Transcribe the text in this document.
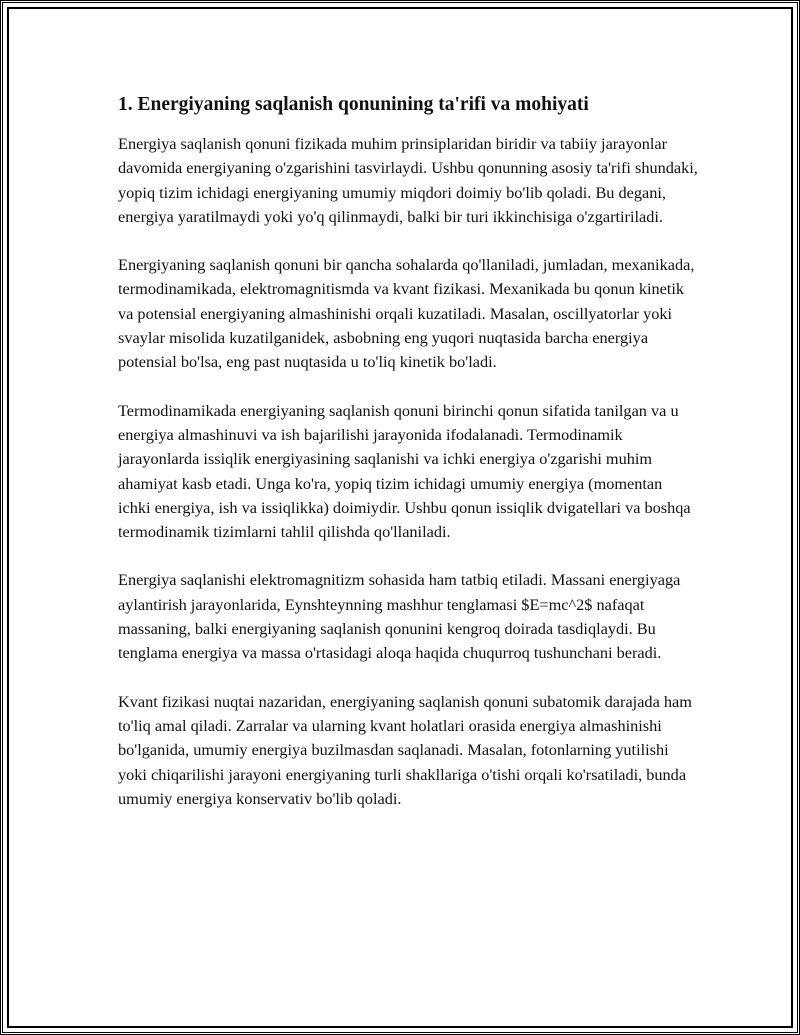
1. Energiyaning saqlanish qonunining ta'rifi va mohiyati

Energiya saqlanish qonuni fizikada muhim prinsiplaridan biridir va tabiiy jarayonlar davomida energiyaning o'zgarishini tasvirlaydi. Ushbu qonunning asosiy ta'rifi shundaki, yopiq tizim ichidagi energiyaning umumiy miqdori doimiy bo'lib qoladi. Bu degani, energiya yaratilmaydi yoki yo'q qilinmaydi, balki bir turi ikkinchisiga o'zgartiriladi.

Energiyaning saqlanish qonuni bir qancha sohalarda qo'llaniladi, jumladan, mexanikada, termodinamikada, elektromagnitismda va kvant fizikasi. Mexanikada bu qonun kinetik va potensial energiyaning almashinishi orqali kuzatiladi. Masalan, oscillyatorlar yoki svaylar misolida kuzatilganidek, asbobning eng yuqori nuqtasida barcha energiya potensial bo'lsa, eng past nuqtasida u to'liq kinetik bo'ladi.

Termodinamikada energiyaning saqlanish qonuni birinchi qonun sifatida tanilgan va u energiya almashinuvi va ish bajarilishi jarayonida ifodalanadi. Termodinamik jarayonlarda issiqlik energiyasining saqlanishi va ichki energiya o'zgarishi muhim ahamiyat kasb etadi. Unga ko'ra, yopiq tizim ichidagi umumiy energiya (momentan ichki energiya, ish va issiqlikka) doimiydir. Ushbu qonun issiqlik dvigatellari va boshqa termodinamik tizimlarni tahlil qilishda qo'llaniladi.

Energiya saqlanishi elektromagnitizm sohasida ham tatbiq etiladi. Massani energiyaga aylantirish jarayonlarida, Eynshteynning mashhur tenglamasi $E=mc^2$ nafaqat massaning, balki energiyaning saqlanish qonunini kengroq doirada tasdiqlaydi. Bu tenglama energiya va massa o'rtasidagi aloqa haqida chuqurroq tushunchani beradi.

Kvant fizikasi nuqtai nazaridan, energiyaning saqlanish qonuni subatomik darajada ham to'liq amal qiladi. Zarralar va ularning kvant holatlari orasida energiya almashinishi bo'lganida, umumiy energiya buzilmasdan saqlanadi. Masalan, fotonlarning yutilishi yoki chiqarilishi jarayoni energiyaning turli shakllariga o'tishi orqali ko'rsatiladi, bunda umumiy energiya konservativ bo'lib qoladi.
